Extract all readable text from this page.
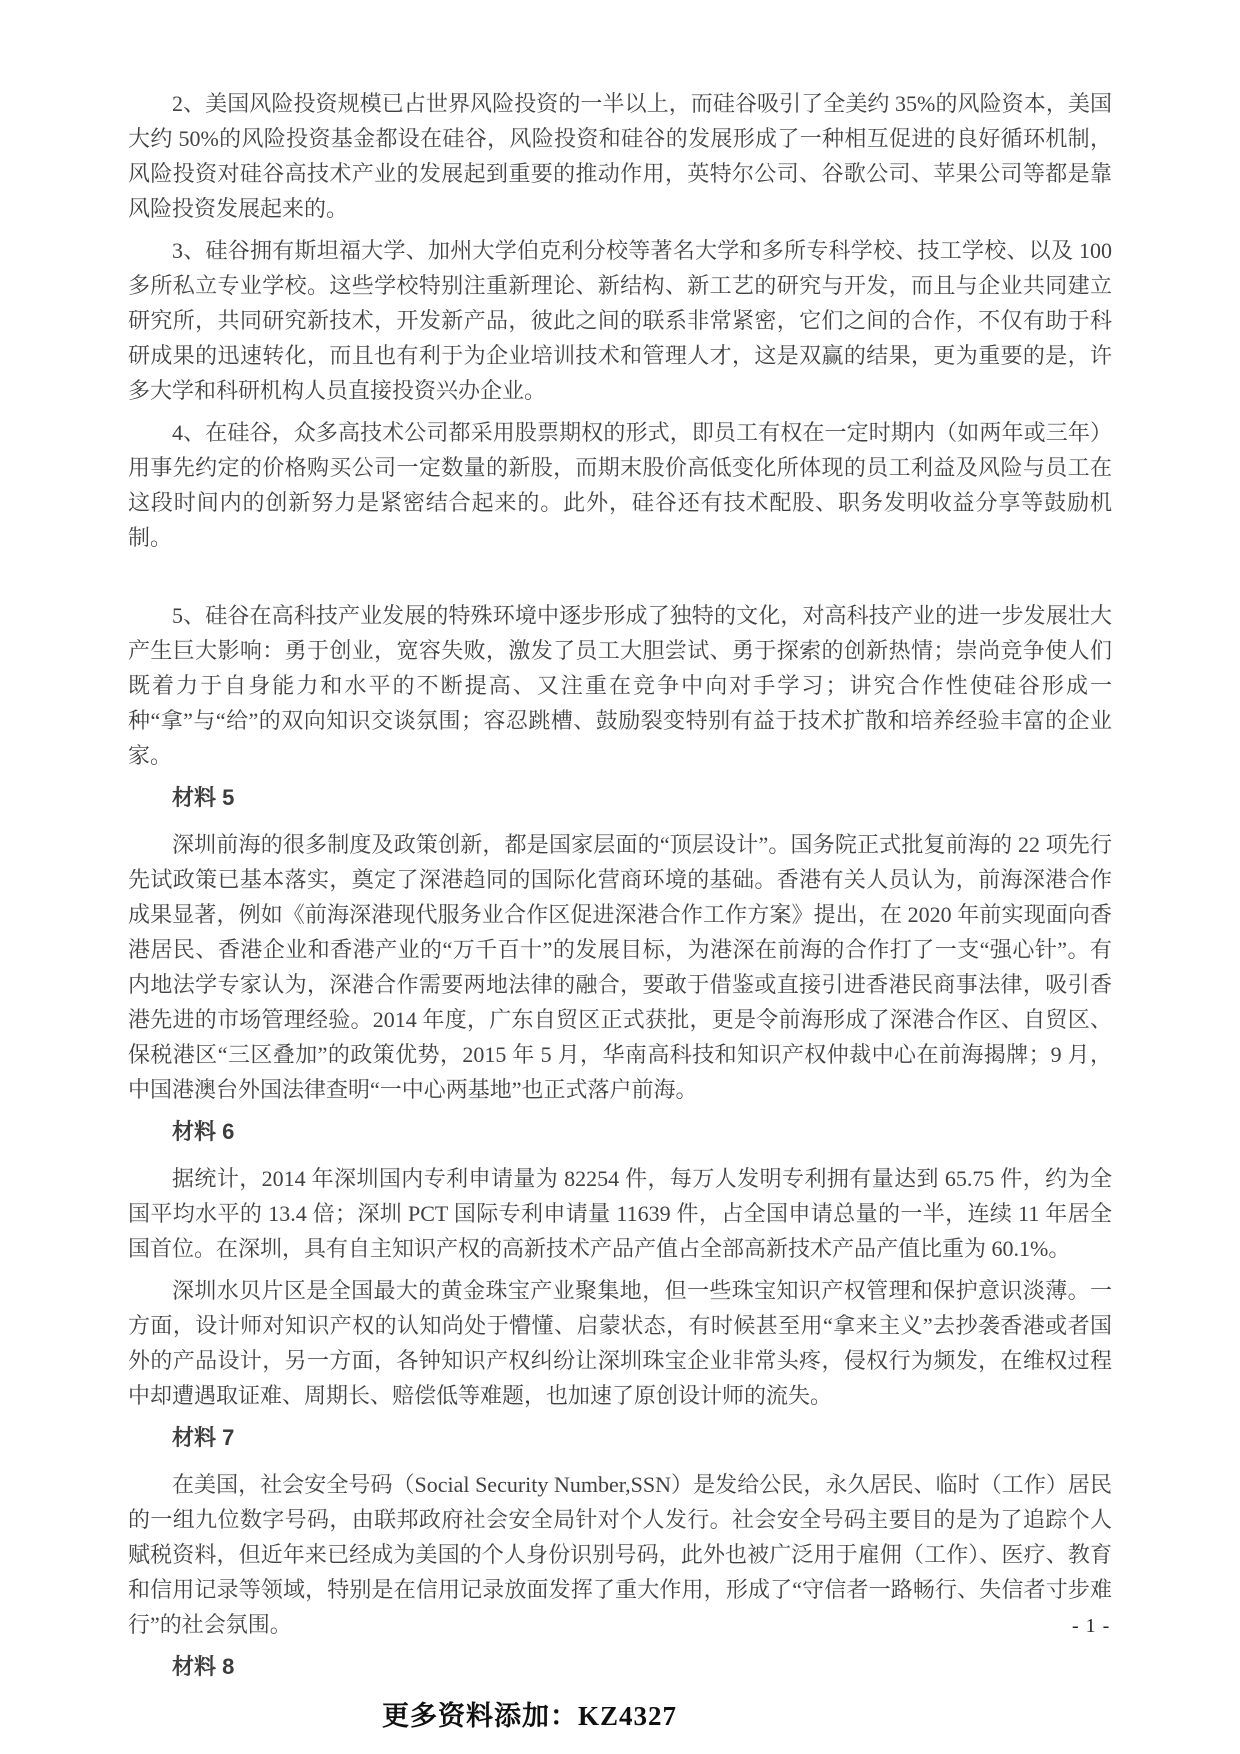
2、美国风险投资规模已占世界风险投资的一半以上，而硅谷吸引了全美约 35%的风险资本，美国大约 50%的风险投资基金都设在硅谷，风险投资和硅谷的发展形成了一种相互促进的良好循环机制，风险投资对硅谷高技术产业的发展起到重要的推动作用，英特尔公司、谷歌公司、苹果公司等都是靠风险投资发展起来的。

3、硅谷拥有斯坦福大学、加州大学伯克利分校等著名大学和多所专科学校、技工学校、以及 100 多所私立专业学校。这些学校特别注重新理论、新结构、新工艺的研究与开发，而且与企业共同建立研究所，共同研究新技术，开发新产品，彼此之间的联系非常紧密，它们之间的合作，不仅有助于科研成果的迅速转化，而且也有利于为企业培训技术和管理人才，这是双赢的结果，更为重要的是，许多大学和科研机构人员直接投资兴办企业。

4、在硅谷，众多高技术公司都采用股票期权的形式，即员工有权在一定时期内（如两年或三年）用事先约定的价格购买公司一定数量的新股，而期末股价高低变化所体现的员工利益及风险与员工在这段时间内的创新努力是紧密结合起来的。此外，硅谷还有技术配股、职务发明收益分享等鼓励机制。

5、硅谷在高科技产业发展的特殊环境中逐步形成了独特的文化，对高科技产业的进一步发展壮大产生巨大影响：勇于创业，宽容失败，激发了员工大胆尝试、勇于探索的创新热情；崇尚竞争使人们既着力于自身能力和水平的不断提高、又注重在竞争中向对手学习；讲究合作性使硅谷形成一种“拿”与“给”的双向知识交谈氛围；容忍跳槽、鼓励裂变特别有益于技术扩散和培养经验丰富的企业家。

材料 5

深圳前海的很多制度及政策创新，都是国家层面的“顶层设计”。国务院正式批复前海的 22 项先行先试政策已基本落实，奠定了深港趋同的国际化营商环境的基础。香港有关人员认为，前海深港合作成果显著，例如《前海深港现代服务业合作区促进深港合作工作方案》提出，在 2020 年前实现面向香港居民、香港企业和香港产业的“万千百十”的发展目标，为港深在前海的合作打了一支“强心针”。有内地法学专家认为，深港合作需要两地法律的融合，要敢于借鉴或直接引进香港民商事法律，吸引香港先进的市场管理经验。2014 年度，广东自贸区正式获批，更是令前海形成了深港合作区、自贸区、保税港区“三区叠加”的政策优势，2015 年 5 月，华南高科技和知识产权仲裁中心在前海揭牌；9 月，中国港澳台外国法律查明“一中心两基地”也正式落户前海。

材料 6

据统计，2014 年深圳国内专利申请量为 82254 件，每万人发明专利拥有量达到 65.75 件，约为全国平均水平的 13.4 倍；深圳 PCT 国际专利申请量 11639 件，占全国申请总量的一半，连续 11 年居全国首位。在深圳，具有自主知识产权的高新技术产品产值占全部高新技术产品产值比重为 60.1%。

深圳水贝片区是全国最大的黄金珠宝产业聚集地，但一些珠宝知识产权管理和保护意识淡薄。一方面，设计师对知识产权的认知尚处于懵懂、启蒙状态，有时候甚至用“拿来主义”去抄袭香港或者国外的产品设计，另一方面，各钟知识产权纠纷让深圳珠宝企业非常头疼，侵权行为频发，在维权过程中却遭遇取证难、周期长、赔偿低等难题，也加速了原创设计师的流失。

材料 7

在美国，社会安全号码（Social Security Number,SSN）是发给公民，永久居民、临时（工作）居民的一组九位数字号码，由联邦政府社会安全局针对个人发行。社会安全号码主要目的是为了追踪个人赋税资料，但近年来已经成为美国的个人身份识别号码，此外也被广泛用于雇佣（工作）、医疗、教育和信用记录等领域，特别是在信用记录放面发挥了重大作用，形成了“守信者一路畅行、失信者寸步难行”的社会氛围。

材料 8
- 1 -
更多资料添加：KZ4327
